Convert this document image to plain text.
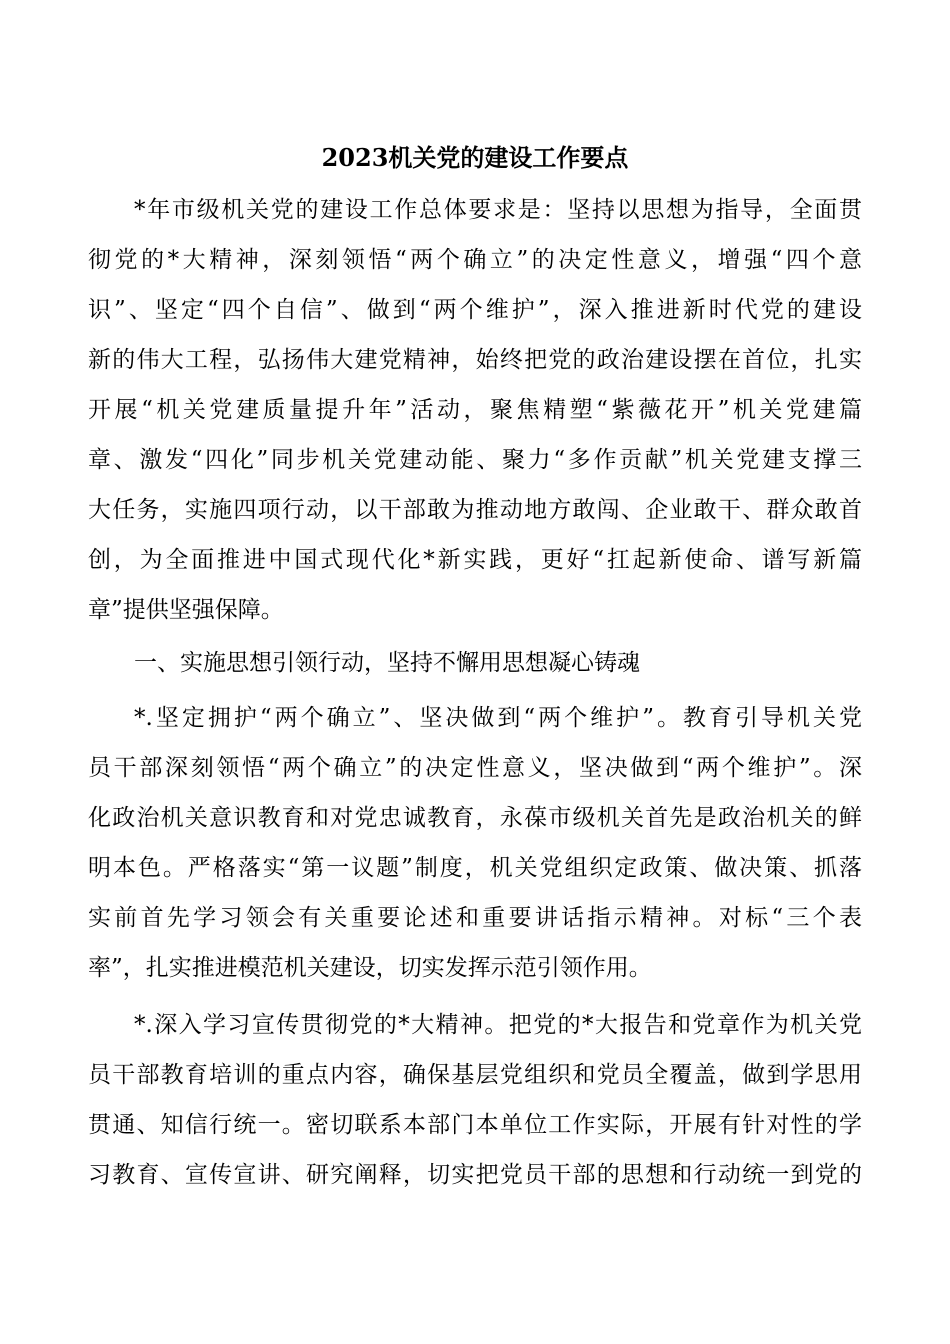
2023机关党的建设工作要点
*年市级机关党的建设工作总体要求是：坚持以思想为指导，全面贯
彻党的*大精神，深刻领悟“两个确立”的决定性意义，增强“四个意
识”、坚定“四个自信”、做到“两个维护”，深入推进新时代党的建设
新的伟大工程，弘扬伟大建党精神，始终把党的政治建设摆在首位，扎实
开展“机关党建质量提升年”活动，聚焦精塑“紫薇花开”机关党建篇
章、激发“四化”同步机关党建动能、聚力“多作贡献”机关党建支撑三
大任务，实施四项行动，以干部敢为推动地方敢闯、企业敢干、群众敢首
创，为全面推进中国式现代化*新实践，更好“扛起新使命、谱写新篇
章”提供坚强保障。
一、实施思想引领行动，坚持不懈用思想凝心铸魂
*.坚定拥护“两个确立”、坚决做到“两个维护”。教育引导机关党
员干部深刻领悟“两个确立”的决定性意义，坚决做到“两个维护”。深
化政治机关意识教育和对党忠诚教育，永葆市级机关首先是政治机关的鲜
明本色。严格落实“第一议题”制度，机关党组织定政策、做决策、抓落
实前首先学习领会有关重要论述和重要讲话指示精神。对标“三个表
率”，扎实推进模范机关建设，切实发挥示范引领作用。
*.深入学习宣传贯彻党的*大精神。把党的*大报告和党章作为机关党
员干部教育培训的重点内容，确保基层党组织和党员全覆盖，做到学思用
贯通、知信行统一。密切联系本部门本单位工作实际，开展有针对性的学
习教育、宣传宣讲、研究阐释，切实把党员干部的思想和行动统一到党的
